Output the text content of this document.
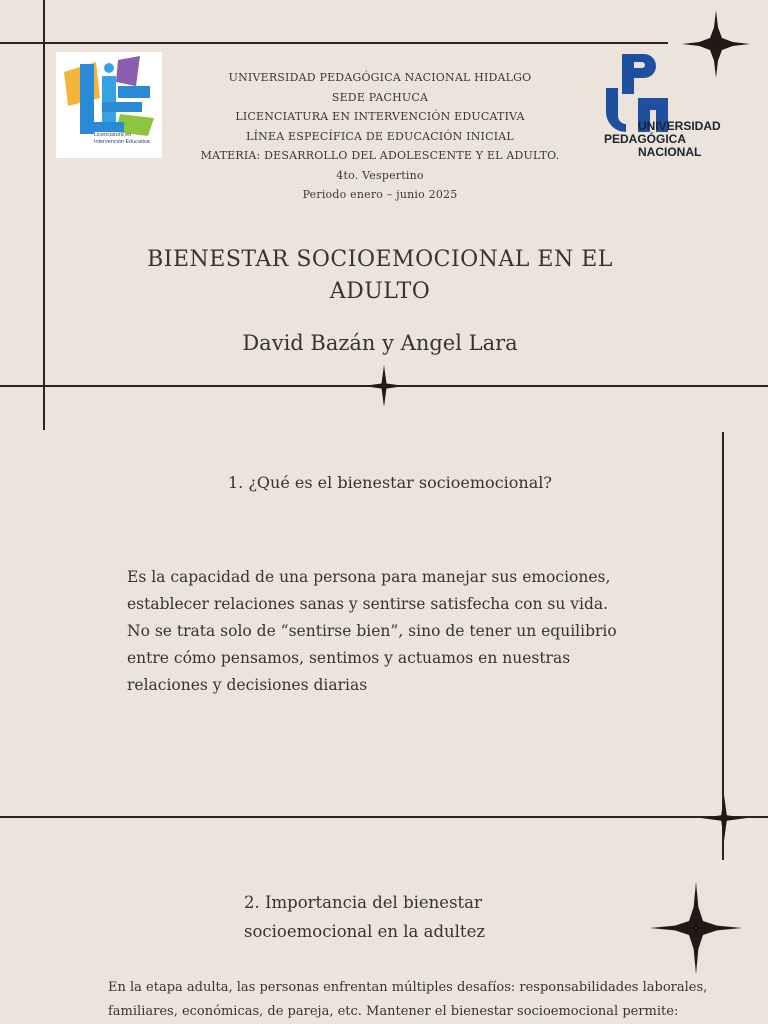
Licenciatura en
Intervención Educativa
UNIVERSIDAD PEDAGÓGICA NACIONAL HIDALGO
SEDE PACHUCA
LICENCIATURA EN INTERVENCIÓN EDUCATIVA
LÍNEA ESPECÍFICA DE EDUCACIÓN INICIAL
MATERIA: DESARROLLO DEL ADOLESCENTE Y EL ADULTO.
4to. Vespertino
Periodo enero – junio 2025
UNIVERSIDAD
PEDAGÓGICA
NACIONAL
BIENESTAR SOCIOEMOCIONAL EN EL
ADULTO
David Bazán y Angel Lara
1. ¿Qué es el bienestar socioemocional?
Es la capacidad de una persona para manejar sus emociones,
establecer relaciones sanas y sentirse satisfecha con su vida.
No se trata solo de “sentirse bien”, sino de tener un equilibrio
entre cómo pensamos, sentimos y actuamos en nuestras
relaciones y decisiones diarias
2. Importancia del bienestar
socioemocional en la adultez
En la etapa adulta, las personas enfrentan múltiples desafíos: responsabilidades laborales,
familiares, económicas, de pareja, etc. Mantener el bienestar socioemocional permite:
